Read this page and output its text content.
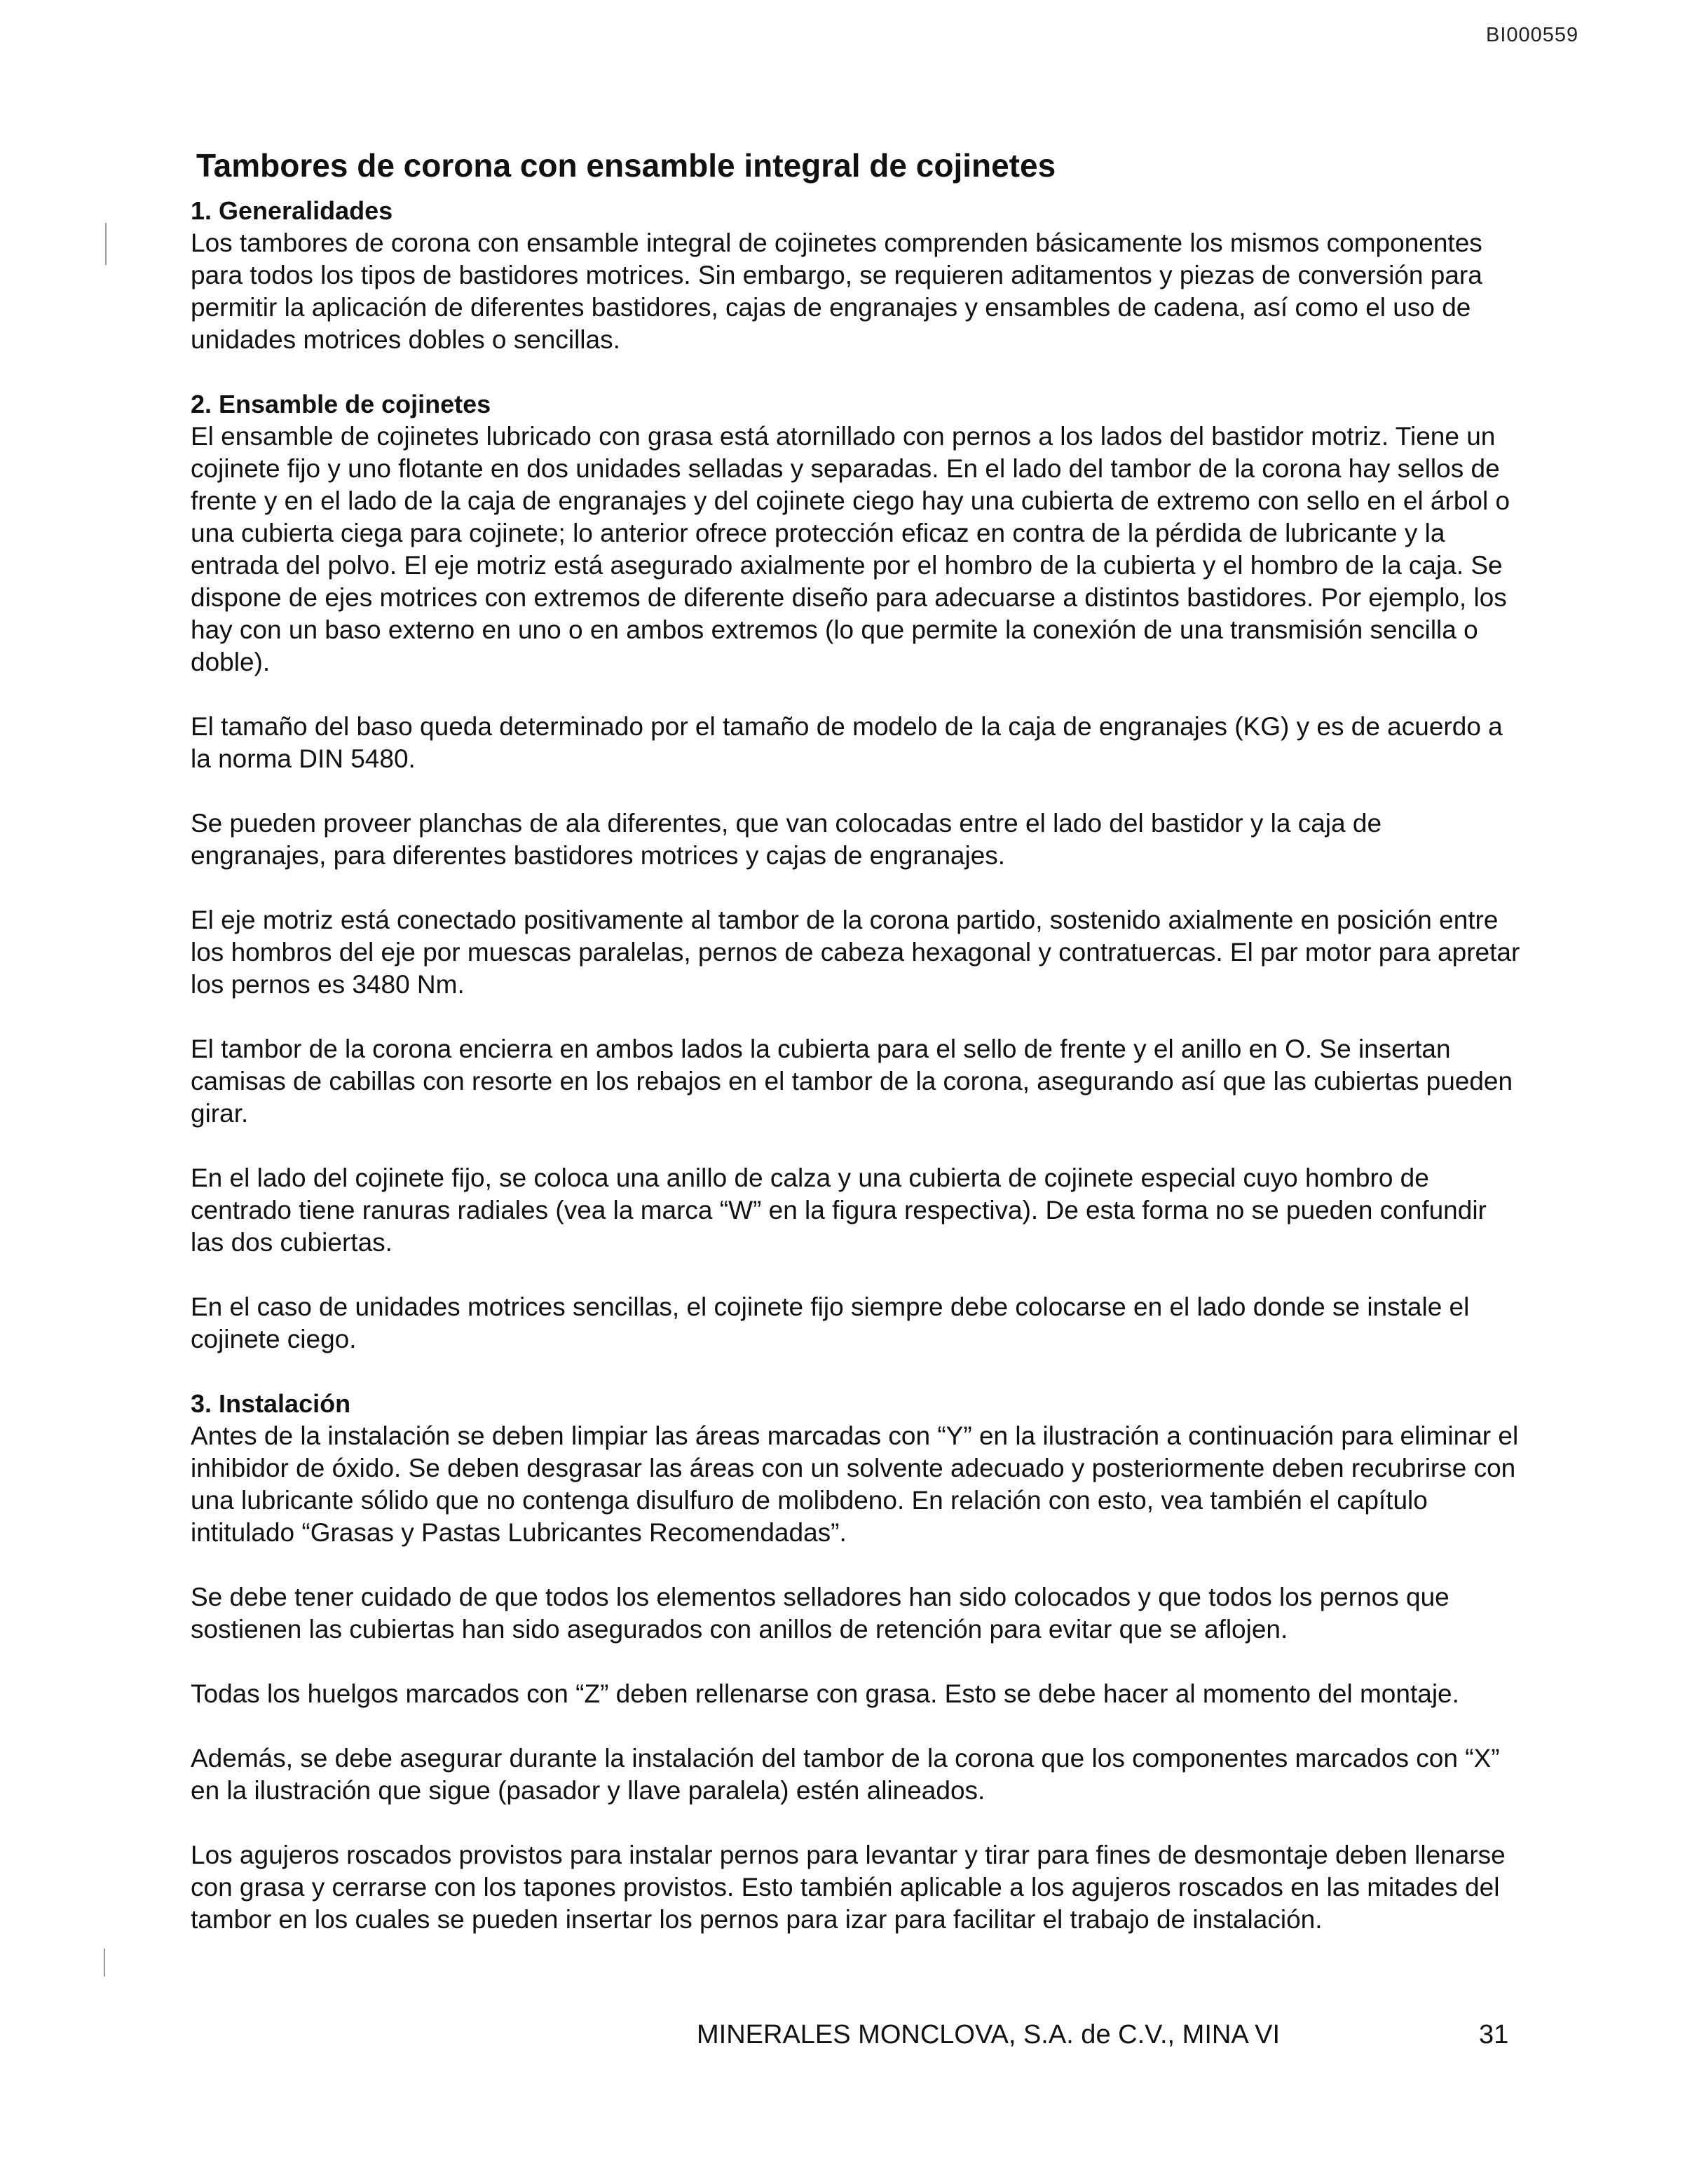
BI000559
Tambores de corona con ensamble integral de cojinetes
1. Generalidades

Los tambores de corona con ensamble integral de cojinetes comprenden básicamente los mismos componentes para todos los tipos de bastidores motrices. Sin embargo, se requieren aditamentos y piezas de conversión para permitir la aplicación de diferentes bastidores, cajas de engranajes y ensambles de cadena, así como el uso de unidades motrices dobles o sencillas.

2. Ensamble de cojinetes

El ensamble de cojinetes lubricado con grasa está atornillado con pernos a los lados del bastidor motriz. Tiene un cojinete fijo y uno flotante en dos unidades selladas y separadas. En el lado del tambor de la corona hay sellos de frente y en el lado de la caja de engranajes y del cojinete ciego hay una cubierta de extremo con sello en el árbol o una cubierta ciega para cojinete; lo anterior ofrece protección eficaz en contra de la pérdida de lubricante y la entrada del polvo. El eje motriz está asegurado axialmente por el hombro de la cubierta y el hombro de la caja. Se dispone de ejes motrices con extremos de diferente diseño para adecuarse a distintos bastidores. Por ejemplo, los hay con un baso externo en uno o en ambos extremos (lo que permite la conexión de una transmisión sencilla o doble).

El tamaño del baso queda determinado por el tamaño de modelo de la caja de engranajes (KG) y es de acuerdo a la norma DIN 5480.

Se pueden proveer planchas de ala diferentes, que van colocadas entre el lado del bastidor y la caja de engranajes, para diferentes bastidores motrices y cajas de engranajes.

El eje motriz está conectado positivamente al tambor de la corona partido, sostenido axialmente en posición entre los hombros del eje por muescas paralelas, pernos de cabeza hexagonal y contratuercas. El par motor para apretar los pernos es 3480 Nm.

El tambor de la corona encierra en ambos lados la cubierta para el sello de frente y el anillo en O. Se insertan camisas de cabillas con resorte en los rebajos en el tambor de la corona, asegurando así que las cubiertas pueden girar.

En el lado del cojinete fijo, se coloca una anillo de calza y una cubierta de cojinete especial cuyo hombro de centrado tiene ranuras radiales (vea la marca “W” en la figura respectiva). De esta forma no se pueden confundir las dos cubiertas.

En el caso de unidades motrices sencillas, el cojinete fijo siempre debe colocarse en el lado donde se instale el cojinete ciego.

3. Instalación

Antes de la instalación se deben limpiar las áreas marcadas con “Y” en la ilustración a continuación para eliminar el inhibidor de óxido. Se deben desgrasar las áreas con un solvente adecuado y posteriormente deben recubrirse con una lubricante sólido que no contenga disulfuro de molibdeno. En relación con esto, vea también el capítulo intitulado “Grasas y Pastas Lubricantes Recomendadas”.

Se debe tener cuidado de que todos los elementos selladores han sido colocados y que todos los pernos que sostienen las cubiertas han sido asegurados con anillos de retención para evitar que se aflojen.

Todas los huelgos marcados con “Z” deben rellenarse con grasa. Esto se debe hacer al momento del montaje.

Además, se debe asegurar durante la instalación del tambor de la corona que los componentes marcados con “X” en la ilustración que sigue (pasador y llave paralela) estén alineados.

Los agujeros roscados provistos para instalar pernos para levantar y tirar para fines de desmontaje deben llenarse con grasa y cerrarse con los tapones provistos. Esto también aplicable a los agujeros roscados en las mitades del tambor en los cuales se pueden insertar los pernos para izar para facilitar el trabajo de instalación.

MINERALES MONCLOVA, S.A. de C.V., MINA VI	31
